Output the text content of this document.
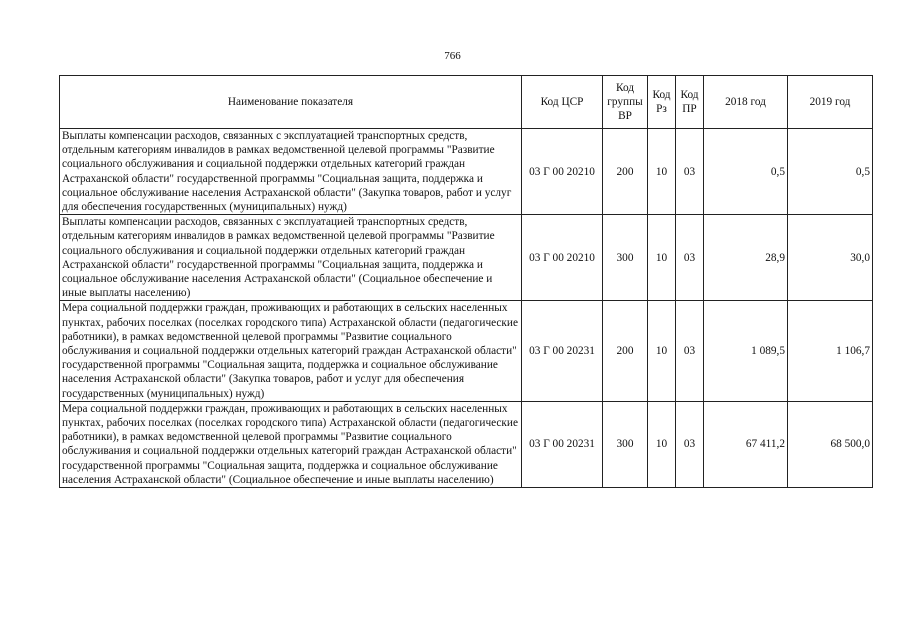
766
Наименование показателя	Код ЦСР	Код группы ВР	Код Рз	Код ПР	2018 год	2019 год
Выплаты компенсации расходов, связанных с эксплуатацией транспортных средств, отдельным категориям инвалидов в рамках ведомственной целевой программы "Развитие социального обслуживания и социальной поддержки отдельных категорий граждан Астраханской области" государственной программы "Социальная защита, поддержка и социальное обслуживание населения Астраханской области" (Закупка товаров, работ и услуг для обеспечения государственных (муниципальных) нужд)	03 Г 00 20210	200	10	03	0,5	0,5
Выплаты компенсации расходов, связанных с эксплуатацией транспортных средств, отдельным категориям инвалидов в рамках ведомственной целевой программы "Развитие социального обслуживания и социальной поддержки отдельных категорий граждан Астраханской области" государственной программы "Социальная защита, поддержка и социальное обслуживание населения Астраханской области" (Социальное обеспечение и иные выплаты населению)	03 Г 00 20210	300	10	03	28,9	30,0
Мера социальной поддержки граждан, проживающих и работающих в сельских населенных пунктах, рабочих поселках (поселках городского типа) Астраханской области (педагогические работники), в рамках ведомственной целевой программы "Развитие социального обслуживания и социальной поддержки отдельных категорий граждан Астраханской области" государственной программы "Социальная защита, поддержка и социальное обслуживание населения Астраханской области" (Закупка товаров, работ и услуг для обеспечения государственных (муниципальных) нужд)	03 Г 00 20231	200	10	03	1 089,5	1 106,7
Мера социальной поддержки граждан, проживающих и работающих в сельских населенных пунктах, рабочих поселках (поселках городского типа) Астраханской области (педагогические работники), в рамках ведомственной целевой программы "Развитие социального обслуживания и социальной поддержки отдельных категорий граждан Астраханской области" государственной программы "Социальная защита, поддержка и социальное обслуживание населения Астраханской области" (Социальное обеспечение и иные выплаты населению)	03 Г 00 20231	300	10	03	67 411,2	68 500,0
